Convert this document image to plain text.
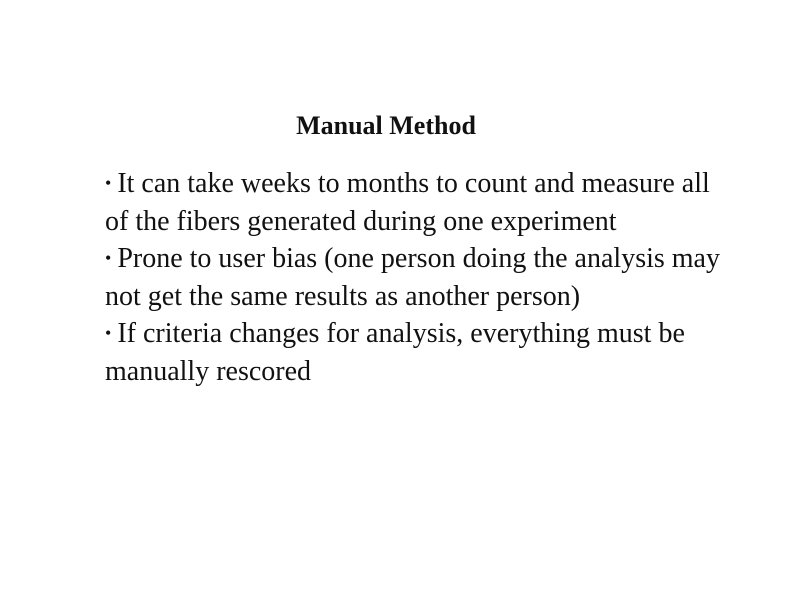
Manual Method
• It can take weeks to months to count and measure all of the fibers generated during one experiment
• Prone to user bias (one person doing the analysis may not get the same results as another person)
• If criteria changes for analysis, everything must be manually rescored
